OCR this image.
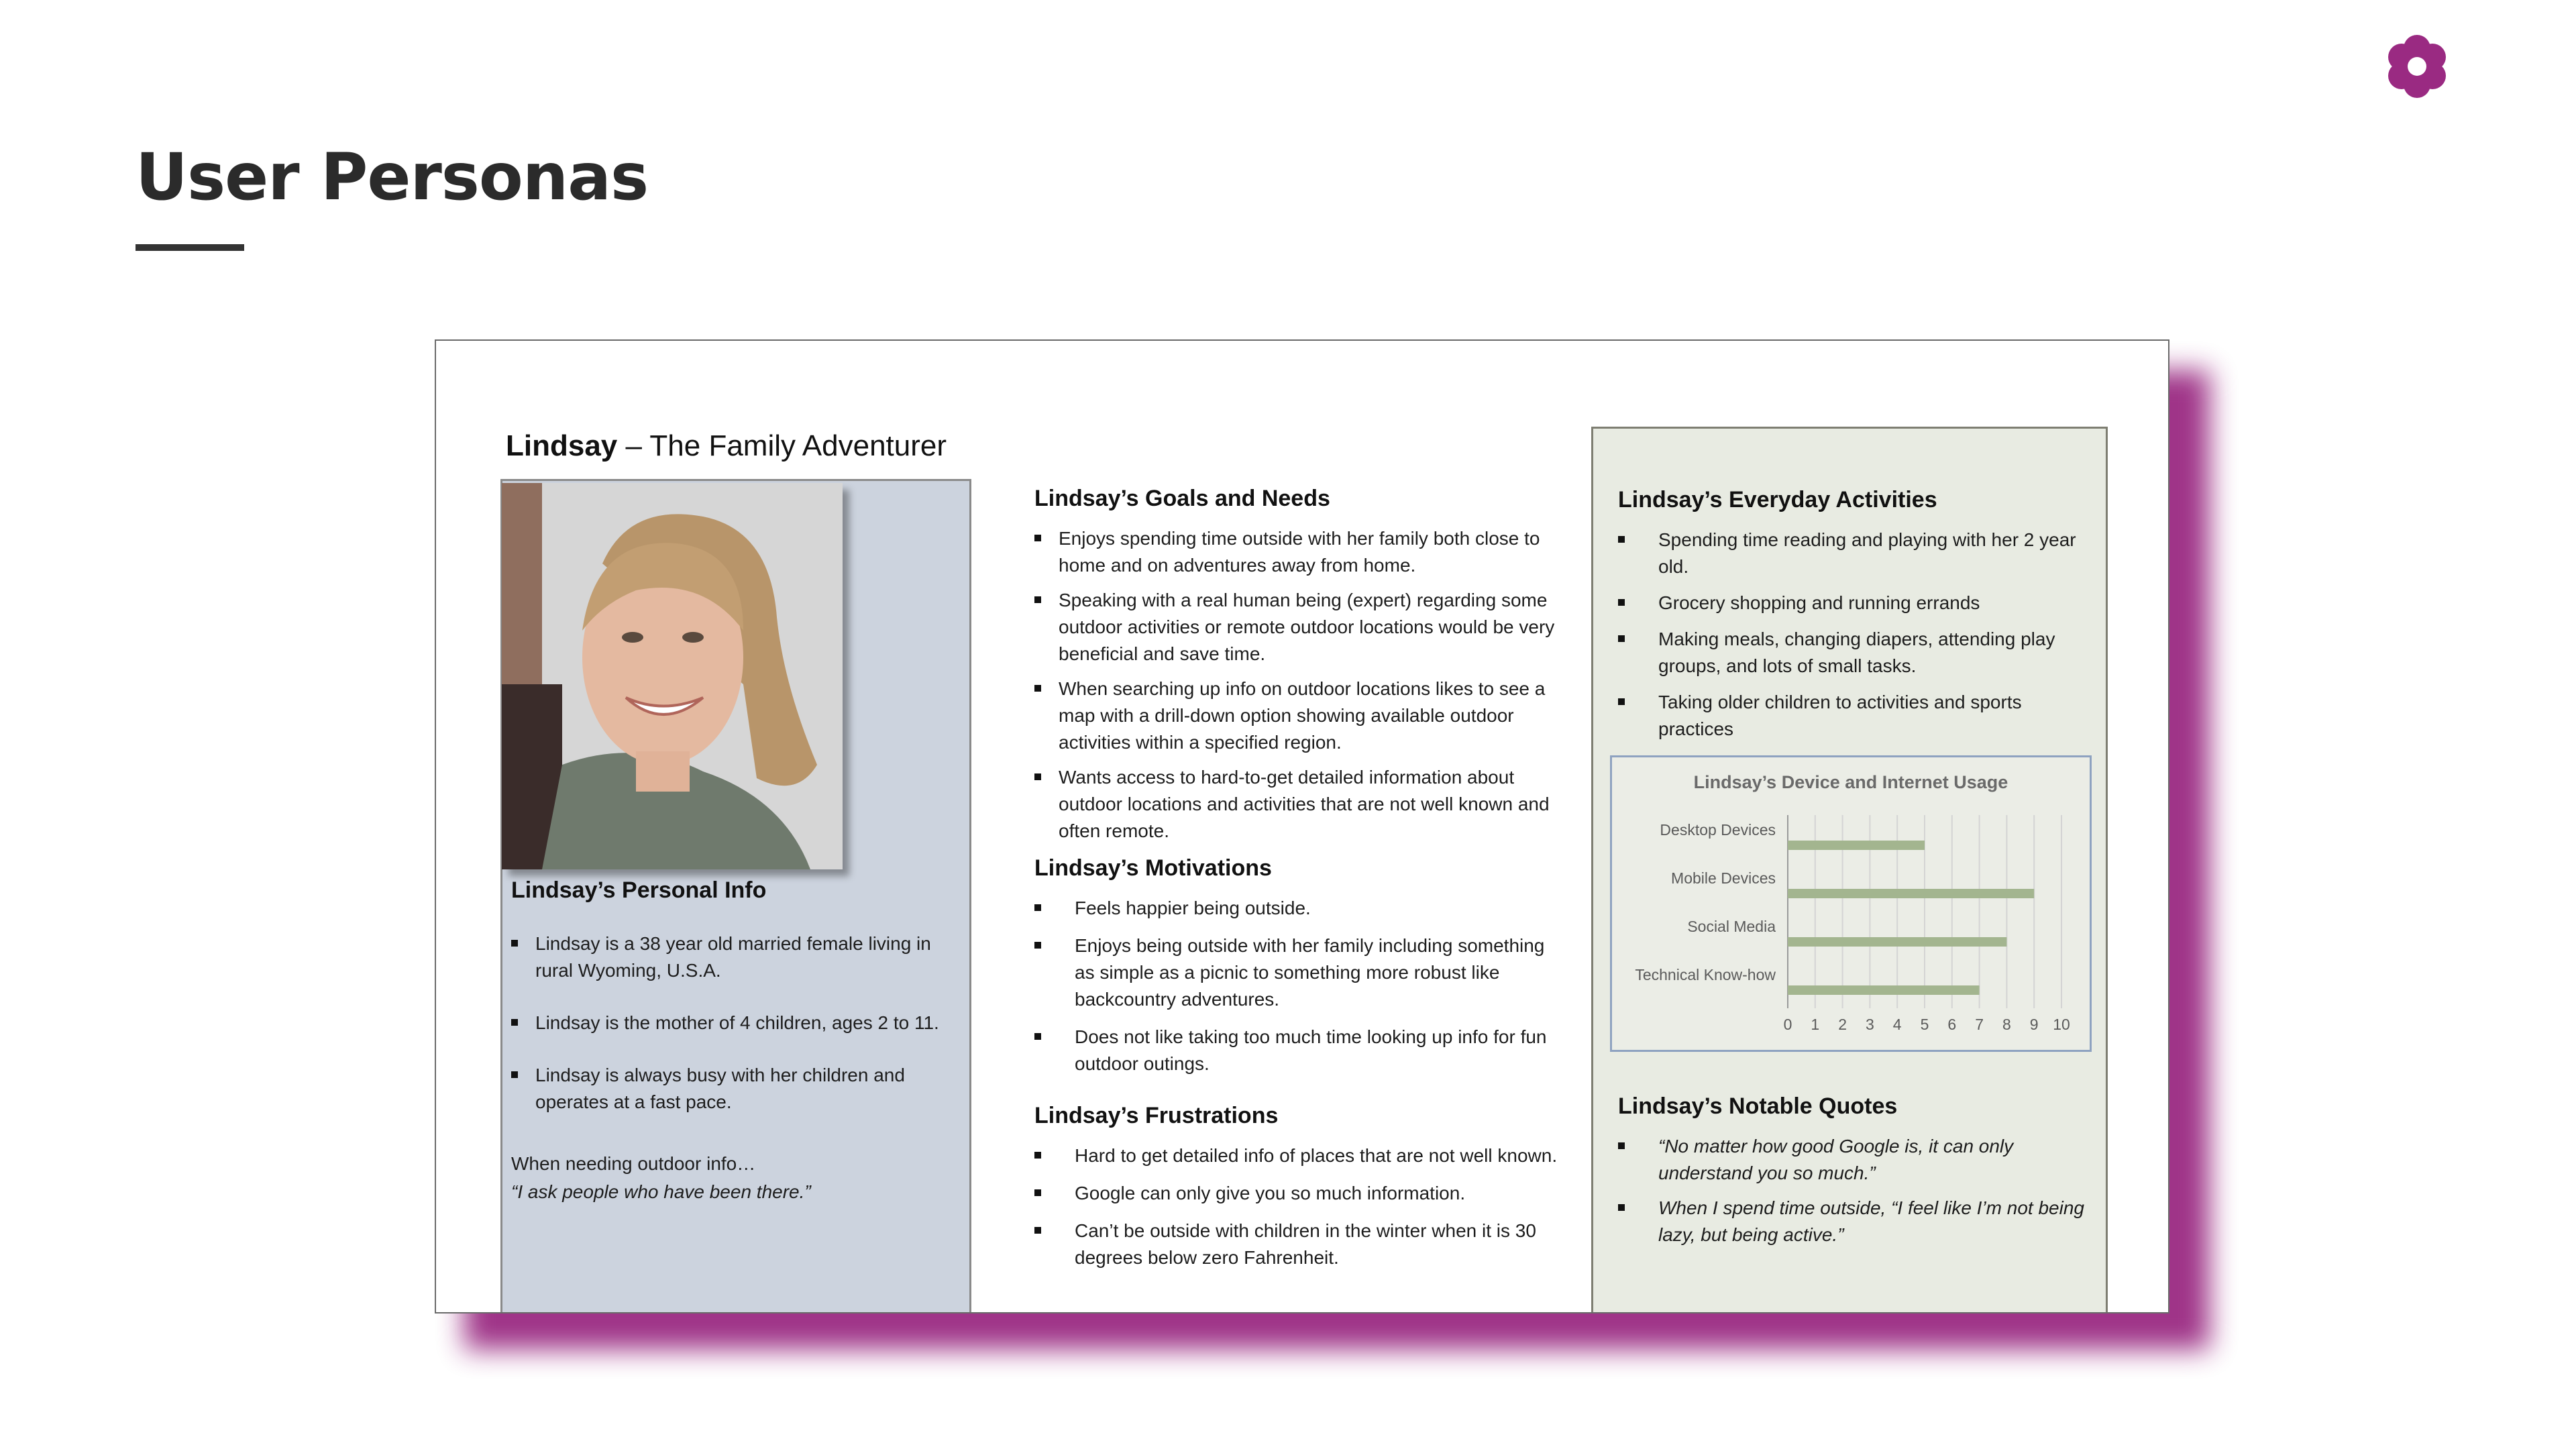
User Personas
Lindsay – The Family Adventurer
Lindsay’s Personal Info
Lindsay is a 38 year old married female living in rural Wyoming, U.S.A.
Lindsay is the mother of 4 children, ages 2 to 11.
Lindsay is always busy with her children and operates at a fast pace.

When needing outdoor info…

“I ask people who have been there.”

Lindsay’s Goals and Needs
Enjoys spending time outside with her family both close to home and on adventures away from home.
Speaking with a real human being (expert) regarding some outdoor activities or remote outdoor locations would be very beneficial and save time.
When searching up info on outdoor locations likes to see a map with a drill-down option showing available outdoor activities within a specified region.
Wants access to hard-to-get detailed information about outdoor locations and activities that are not well known and often remote.
Lindsay’s Motivations
Feels happier being outside.
Enjoys being outside with her family including something as simple as a picnic to something more robust like backcountry adventures.
Does not like taking too much time looking up info for fun outdoor outings.
Lindsay’s Frustrations
Hard to get detailed info of places that are not well known.
Google can only give you so much information.
Can’t be outside with children in the winter when it is 30 degrees below zero Fahrenheit.
Lindsay’s Everyday Activities
Spending time reading and playing with her 2 year old.
Grocery shopping and running errands
Making meals, changing diapers, attending play groups, and lots of small tasks.
Taking older children to activities and sports practices
Lindsay’s Device and Internet Usage
Desktop Devices
Mobile Devices
Social Media
Technical Know-how
0 1 2 3 4 5 6 7 8 9 10
Lindsay’s Notable Quotes
“No matter how good Google is, it can only understand you so much.”
When I spend time outside, “I feel like I’m not being lazy, but being active.”
